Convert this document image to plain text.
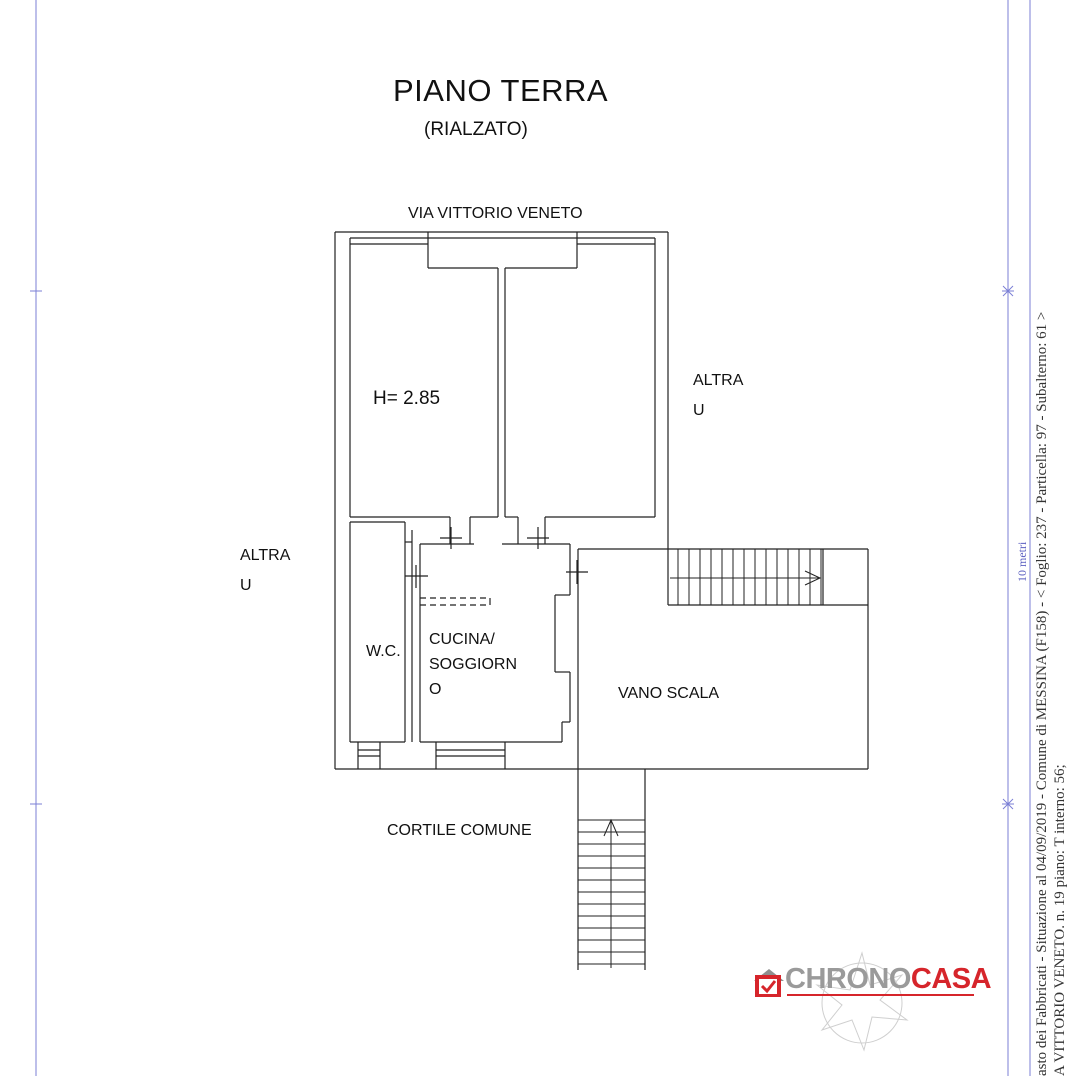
PIANO TERRA
(RIALZATO)
VIA VITTORIO VENETO
H= 2.85
ALTRA
U
ALTRA
U
W.C.
CUCINA/
SOGGIORN
O	VANO SCALA
CORTILE COMUNE	asto dei Fabbricati - Situazione al 04/09/2019 - Comune di MESSINA (F158) - < Foglio: 237 - Particella: 97 - Subalterno: 61 > A VITTORIO VENETO. n. 19 piano: T interno: 56;
10 metri
CHRONOCASA
